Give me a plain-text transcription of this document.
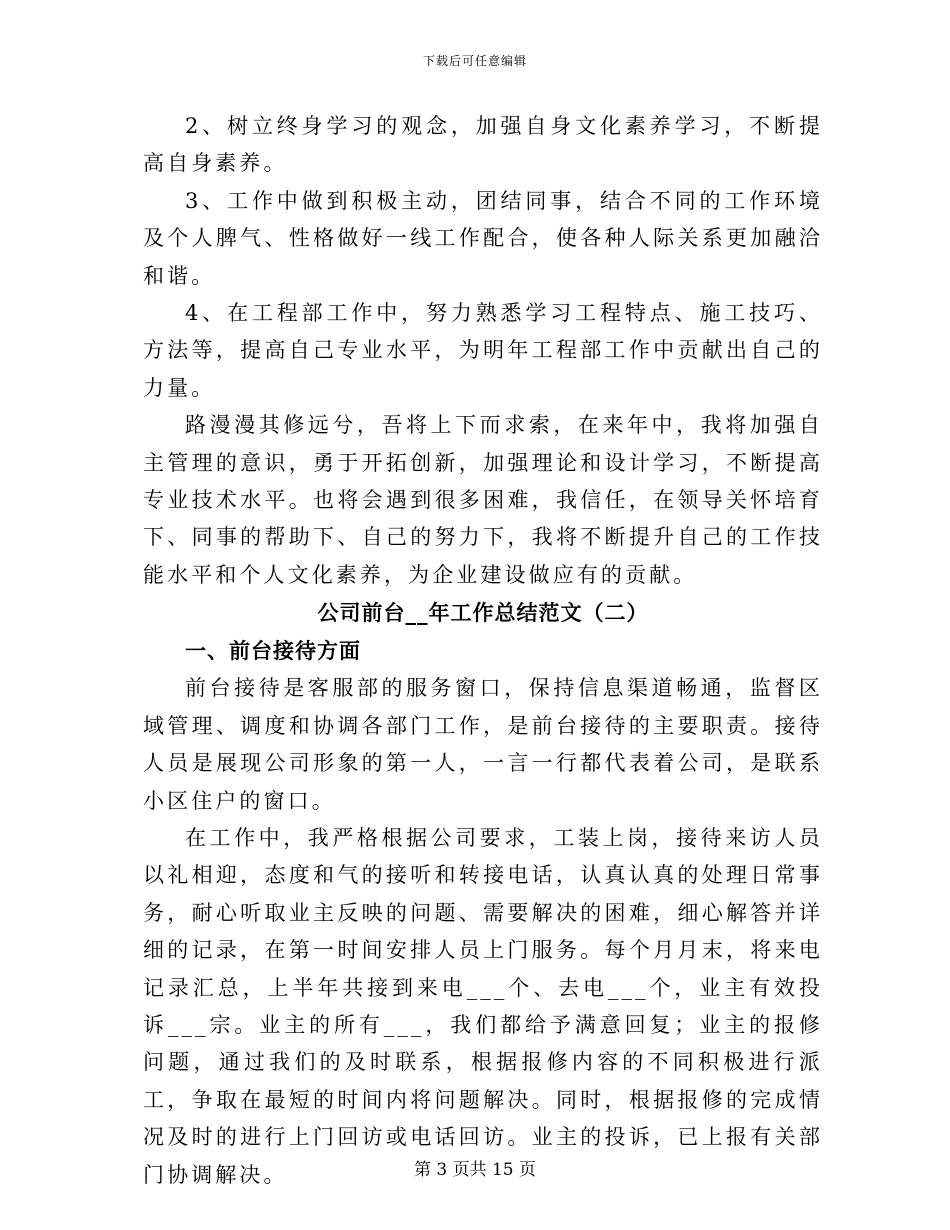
下载后可任意编辑

2、树立终身学习的观念，加强自身文化素养学习，不断提高自身素养。

3、工作中做到积极主动，团结同事，结合不同的工作环境及个人脾气、性格做好一线工作配合，使各种人际关系更加融洽和谐。

4、在工程部工作中，努力熟悉学习工程特点、施工技巧、方法等，提高自己专业水平，为明年工程部工作中贡献出自己的力量。

路漫漫其修远兮，吾将上下而求索，在来年中，我将加强自主管理的意识，勇于开拓创新，加强理论和设计学习，不断提高专业技术水平。也将会遇到很多困难，我信任，在领导关怀培育下、同事的帮助下、自己的努力下，我将不断提升自己的工作技能水平和个人文化素养，为企业建设做应有的贡献。

公司前台__年工作总结范文（二）

一、前台接待方面

前台接待是客服部的服务窗口，保持信息渠道畅通，监督区域管理、调度和协调各部门工作，是前台接待的主要职责。接待人员是展现公司形象的第一人，一言一行都代表着公司，是联系小区住户的窗口。

在工作中，我严格根据公司要求，工装上岗，接待来访人员以礼相迎，态度和气的接听和转接电话，认真认真的处理日常事务，耐心听取业主反映的问题、需要解决的困难，细心解答并详细的记录，在第一时间安排人员上门服务。每个月月末，将来电记录汇总，上半年共接到来电___个、去电___个，业主有效投诉___宗。业主的所有___，我们都给予满意回复；业主的报修问题，通过我们的及时联系，根据报修内容的不同积极进行派工，争取在最短的时间内将问题解决。同时，根据报修的完成情况及时的进行上门回访或电话回访。业主的投诉，已上报有关部门协调解决。	第 3 页共 15 页
